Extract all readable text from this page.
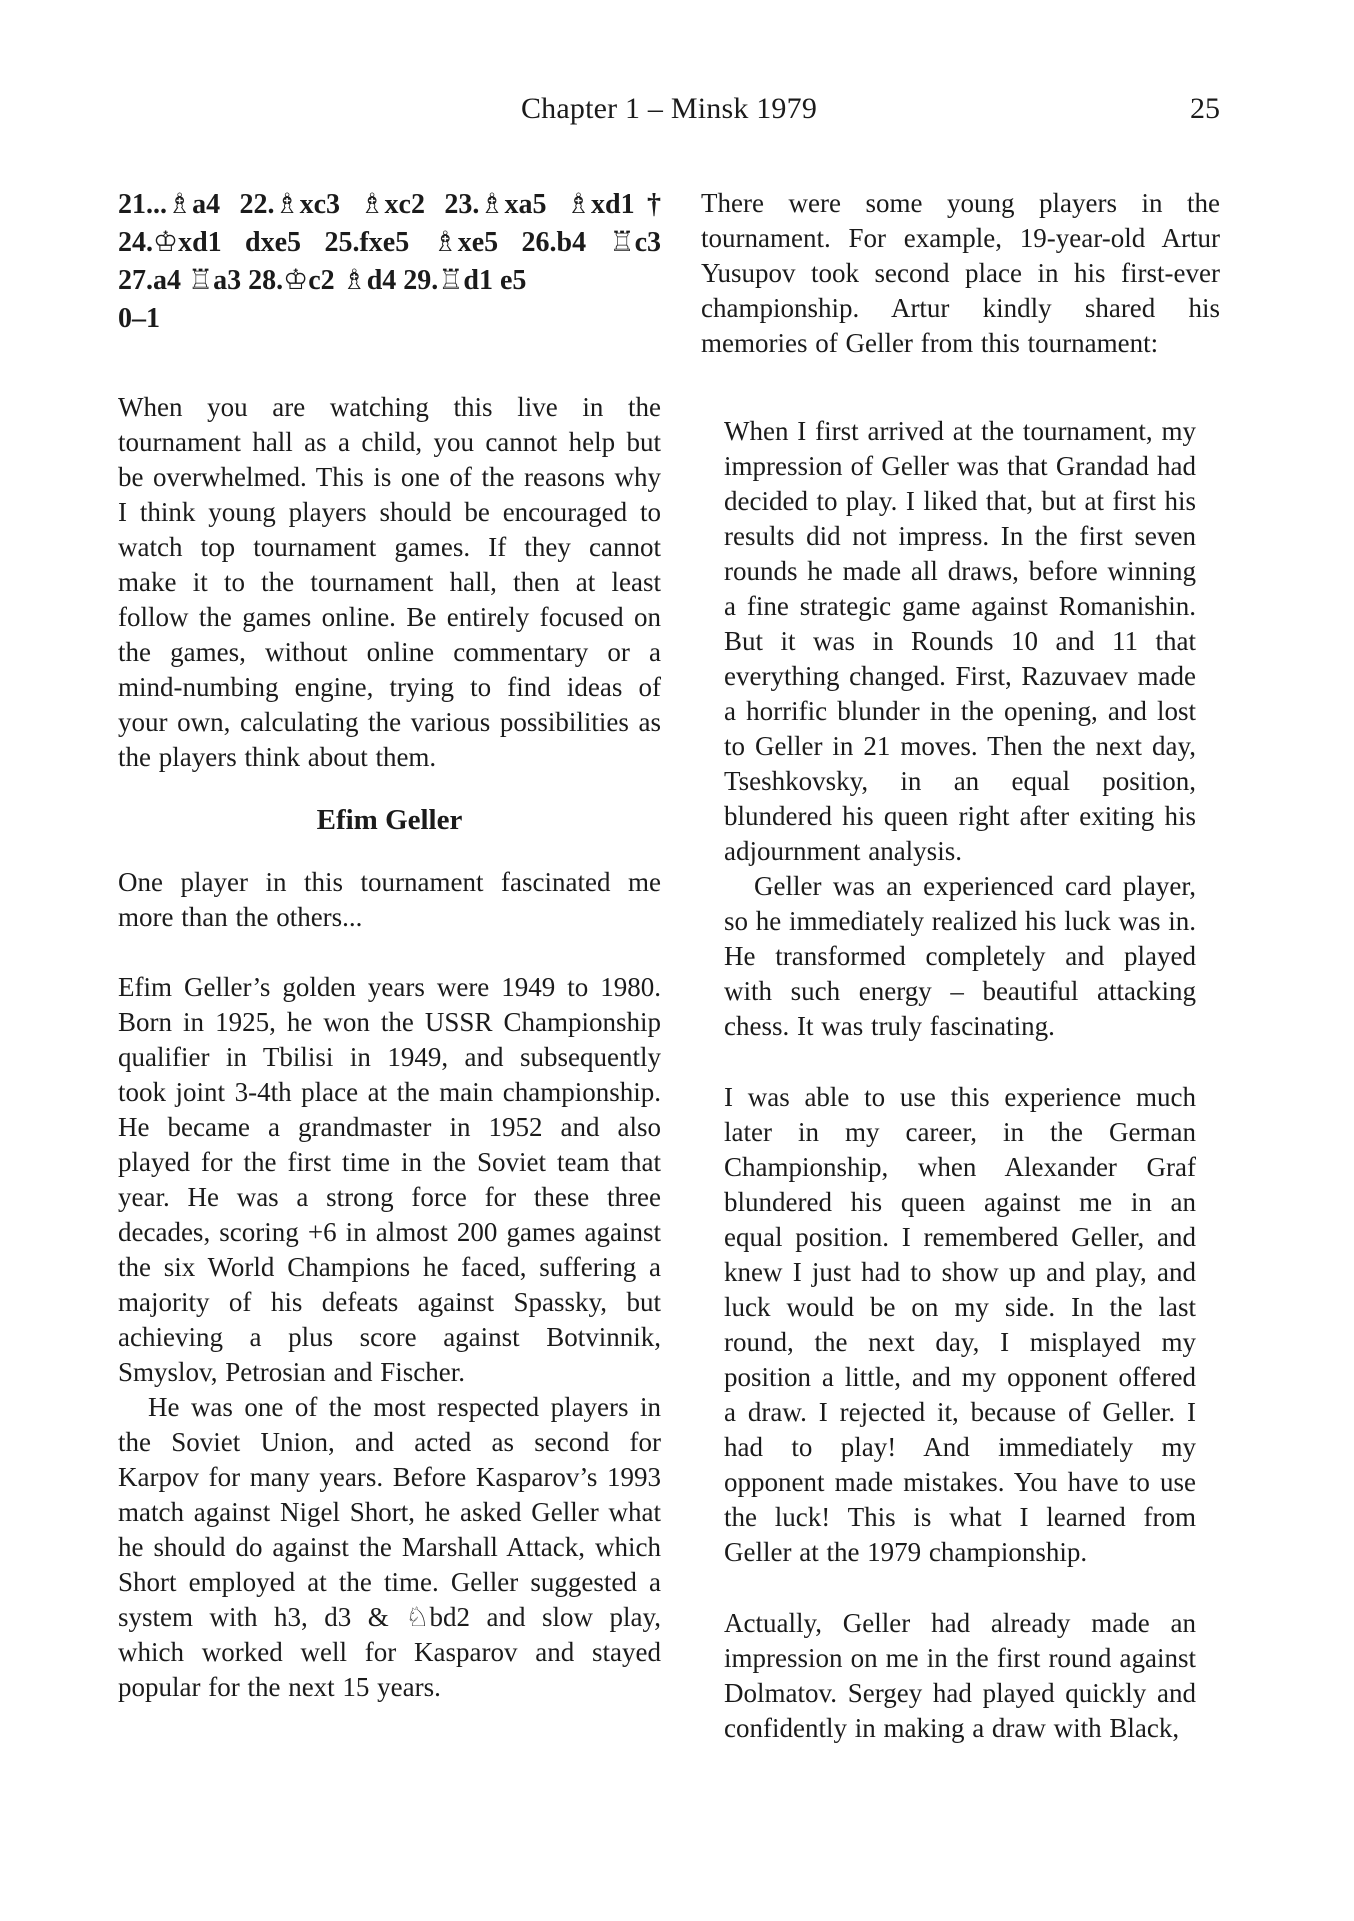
Chapter 1 – Minsk 1979	25
21...♗a4 22.♗xc3 ♗xc2 23.♗xa5 ♗xd1†
24.♔xd1 dxe5 25.fxe5 ♗xe5 26.b4 ♖c3
27.a4 ♖a3 28.♔c2 ♗d4 29.♖d1 e5
0–1

When you are watching this live in the tournament hall as a child, you cannot help but be overwhelmed. This is one of the reasons why I think young players should be encouraged to watch top tournament games. If they cannot make it to the tournament hall, then at least follow the games online. Be entirely focused on the games, without online commentary or a mind-numbing engine, trying to find ideas of your own, calculating the various possibilities as the players think about them.

Efim Geller

One player in this tournament fascinated me more than the others...

Efim Geller’s golden years were 1949 to 1980. Born in 1925, he won the USSR Championship qualifier in Tbilisi in 1949, and subsequently took joint 3-4th place at the main championship. He became a grandmaster in 1952 and also played for the first time in the Soviet team that year. He was a strong force for these three decades, scoring +6 in almost 200 games against the six World Champions he faced, suffering a majority of his defeats against Spassky, but achieving a plus score against Botvinnik, Smyslov, Petrosian and Fischer.

He was one of the most respected players in the Soviet Union, and acted as second for Karpov for many years. Before Kasparov’s 1993 match against Nigel Short, he asked Geller what he should do against the Marshall Attack, which Short employed at the time. Geller suggested a system with h3, d3 & ♘bd2 and slow play, which worked well for Kasparov and stayed popular for the next 15 years.

There were some young players in the tournament. For example, 19-year-old Artur Yusupov took second place in his first-ever championship. Artur kindly shared his memories of Geller from this tournament:

When I first arrived at the tournament, my impression of Geller was that Grandad had decided to play. I liked that, but at first his results did not impress. In the first seven rounds he made all draws, before winning a fine strategic game against Romanishin. But it was in Rounds 10 and 11 that everything changed. First, Razuvaev made a horrific blunder in the opening, and lost to Geller in 21 moves. Then the next day, Tseshkovsky, in an equal position, blundered his queen right after exiting his adjournment analysis.

Geller was an experienced card player, so he immediately realized his luck was in. He transformed completely and played with such energy – beautiful attacking chess. It was truly fascinating.

I was able to use this experience much later in my career, in the German Championship, when Alexander Graf blundered his queen against me in an equal position. I remembered Geller, and knew I just had to show up and play, and luck would be on my side. In the last round, the next day, I misplayed my position a little, and my opponent offered a draw. I rejected it, because of Geller. I had to play! And immediately my opponent made mistakes. You have to use the luck! This is what I learned from Geller at the 1979 championship.

Actually, Geller had already made an impression on me in the first round against Dolmatov. Sergey had played quickly and confidently in making a draw with Black,
